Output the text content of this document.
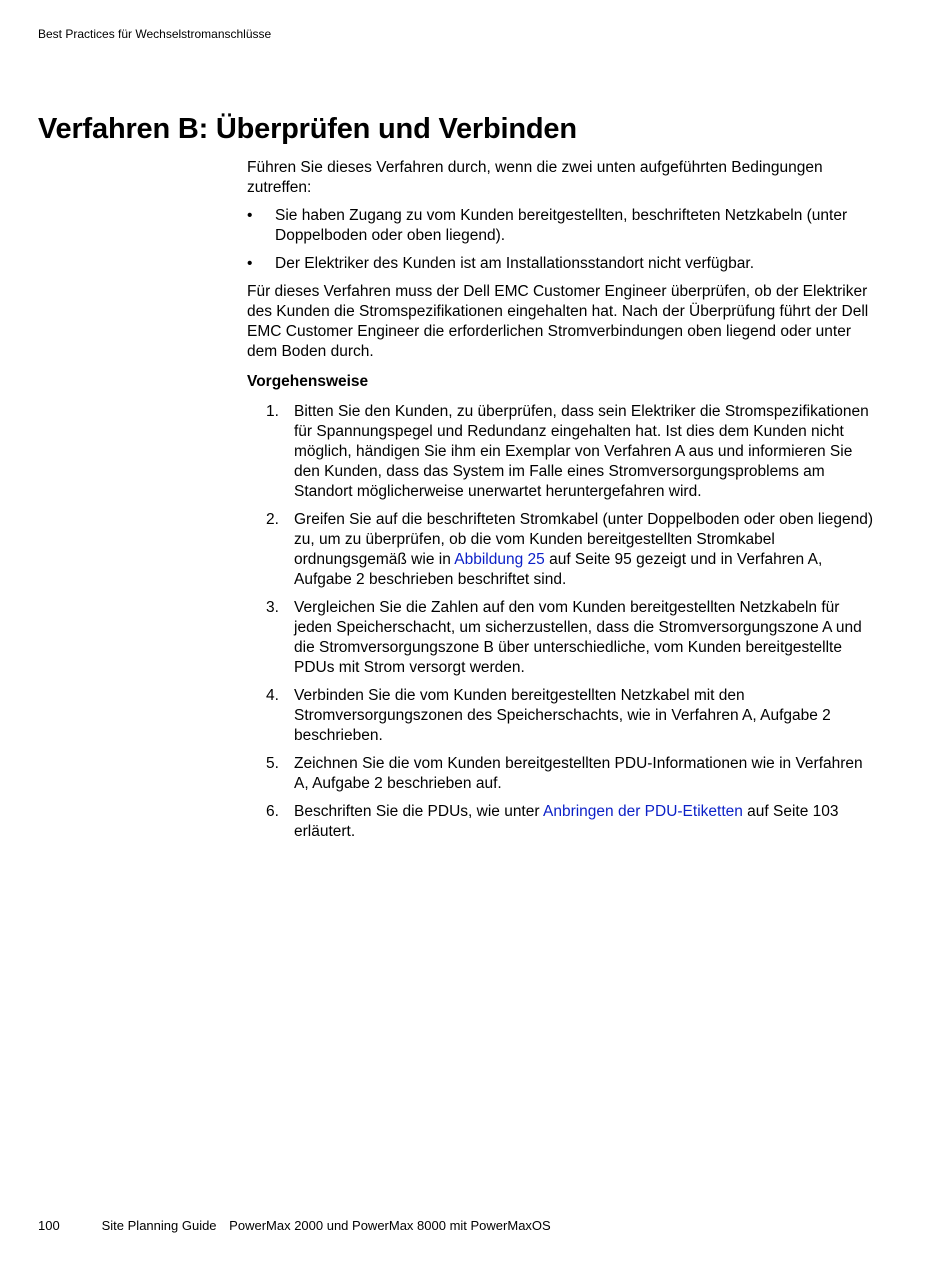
Best Practices für Wechselstromanschlüsse
Verfahren B: Überprüfen und Verbinden

Führen Sie dieses Verfahren durch, wenn die zwei unten aufgeführten Bedingungen zutreffen:

• Sie haben Zugang zu vom Kunden bereitgestellten, beschrifteten Netzkabeln (unter Doppelboden oder oben liegend).
• Der Elektriker des Kunden ist am Installationsstandort nicht verfügbar.

Für dieses Verfahren muss der Dell EMC Customer Engineer überprüfen, ob der Elektriker des Kunden die Stromspezifikationen eingehalten hat. Nach der Überprüfung führt der Dell EMC Customer Engineer die erforderlichen Stromverbindungen oben liegend oder unter dem Boden durch.

Vorgehensweise
1. Bitten Sie den Kunden, zu überprüfen, dass sein Elektriker die Stromspezifikationen für Spannungspegel und Redundanz eingehalten hat. Ist dies dem Kunden nicht möglich, händigen Sie ihm ein Exemplar von Verfahren A aus und informieren Sie den Kunden, dass das System im Falle eines Stromversorgungsproblems am Standort möglicherweise unerwartet heruntergefahren wird.
2. Greifen Sie auf die beschrifteten Stromkabel (unter Doppelboden oder oben liegend) zu, um zu überprüfen, ob die vom Kunden bereitgestellten Stromkabel ordnungsgemäß wie in Abbildung 25 auf Seite 95 gezeigt und in Verfahren A, Aufgabe 2 beschrieben beschriftet sind.
3. Vergleichen Sie die Zahlen auf den vom Kunden bereitgestellten Netzkabeln für jeden Speicherschacht, um sicherzustellen, dass die Stromversorgungszone A und die Stromversorgungszone B über unterschiedliche, vom Kunden bereitgestellte PDUs mit Strom versorgt werden.
4. Verbinden Sie die vom Kunden bereitgestellten Netzkabel mit den Stromversorgungszonen des Speicherschachts, wie in Verfahren A, Aufgabe 2 beschrieben.
5. Zeichnen Sie die vom Kunden bereitgestellten PDU-Informationen wie in Verfahren A, Aufgabe 2 beschrieben auf.
6. Beschriften Sie die PDUs, wie unter Anbringen der PDU-Etiketten auf Seite 103 erläutert.
100	Site Planning Guide PowerMax 2000 und PowerMax 8000 mit PowerMaxOS
